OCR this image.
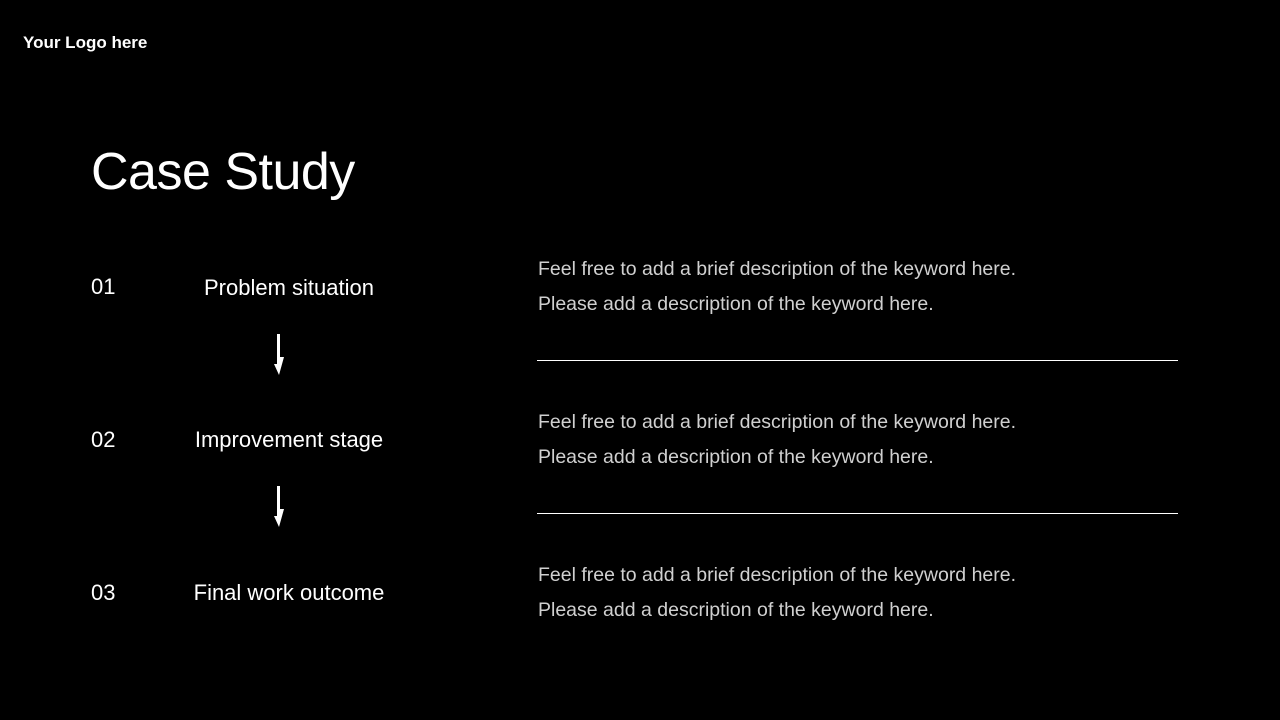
Your Logo here
Case Study
01	Problem situation
Feel free to add a brief description of the keyword here.
Please add a description of the keyword here.
02	Improvement stage
Feel free to add a brief description of the keyword here.
Please add a description of the keyword here.
03	Final work outcome
Feel free to add a brief description of the keyword here.
Please add a description of the keyword here.
